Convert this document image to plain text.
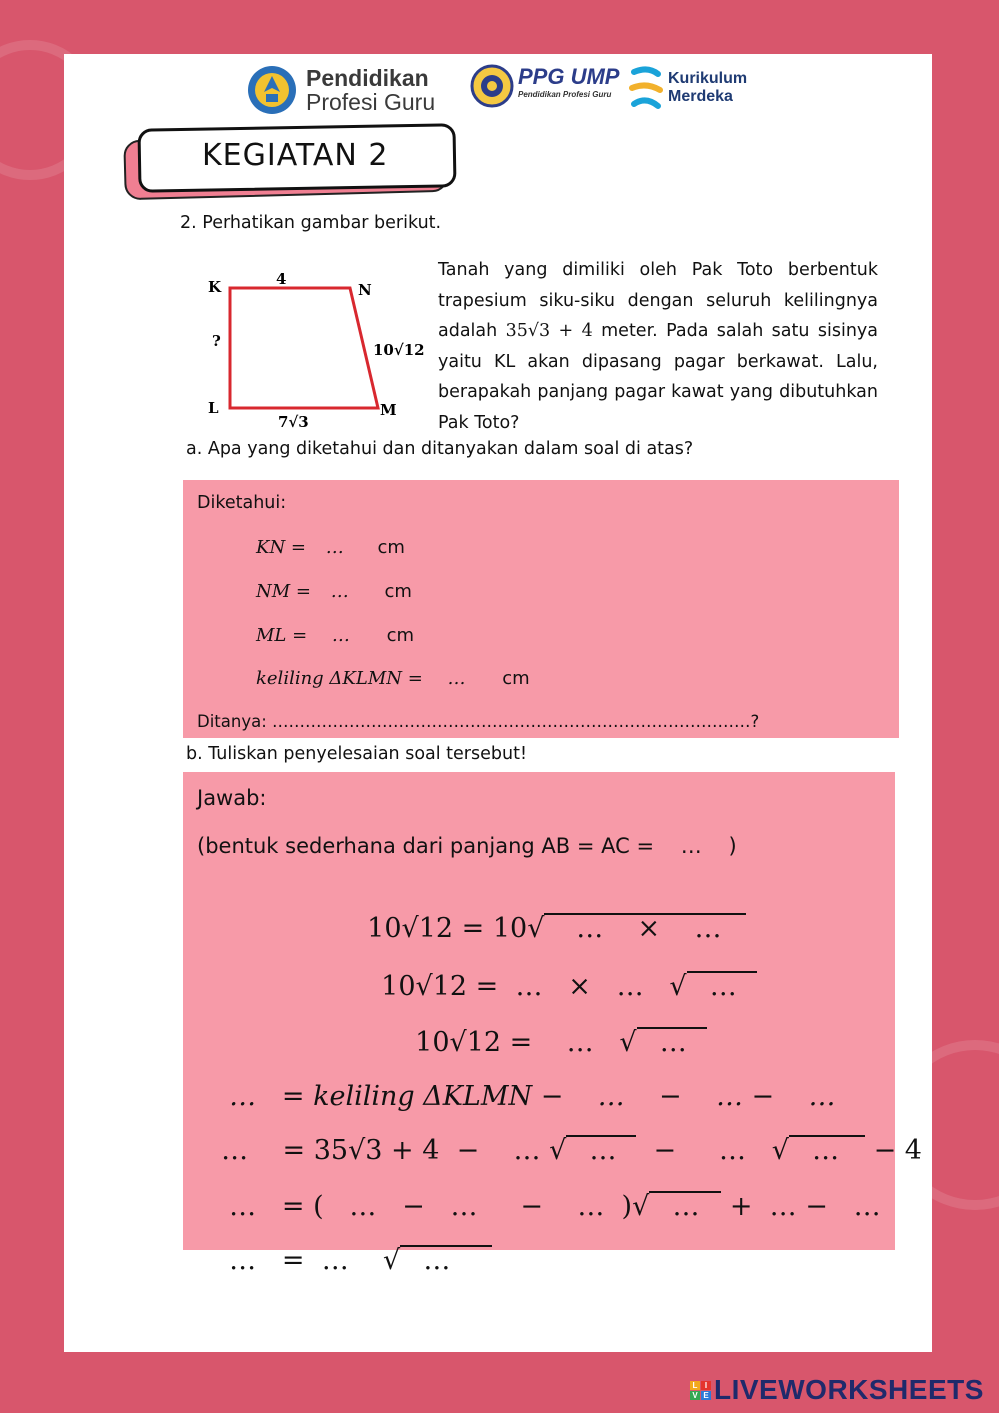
Pendidikan
Profesi Guru
PPG UMP
Pendidikan Profesi Guru
Kurikulum
Merdeka
KEGIATAN 2
2. Perhatikan gambar berikut.
K	N
L	M
4
?	10√12
7√3
Tanah yang dimiliki oleh Pak Toto berbentuk trapesium siku-siku dengan seluruh kelilingnya adalah 35√3 + 4 meter. Pada salah satu sisinya yaitu KL akan dipasang pagar berkawat. Lalu, berapakah panjang pagar kawat yang dibutuhkan Pak Toto?
a. Apa yang diketahui dan ditanyakan dalam soal di atas?
Diketahui:
KN = … cm
NM = … cm
ML = … cm
keliling ΔKLMN = … cm
Ditanya: ……………………………………………………………………………?
b. Tuliskan penyelesaian soal tersebut!
Jawab:
(bentuk sederhana dari panjang AB = AC =    …    )

10√12 = 10√   …    ×    …

10√12 =  …   ×   …   √  …

10√12 =    …   √  …

…   = keliling ΔKLMN −    …    −    … −    …

…    = 35√3 + 4  −    … √  …      −     …   √  …     − 4

…   = (   …   −   …     −    …  )√  …    +  … −   …

…   =  …    √  …

L I
V E LIVEWORKSHEETS
